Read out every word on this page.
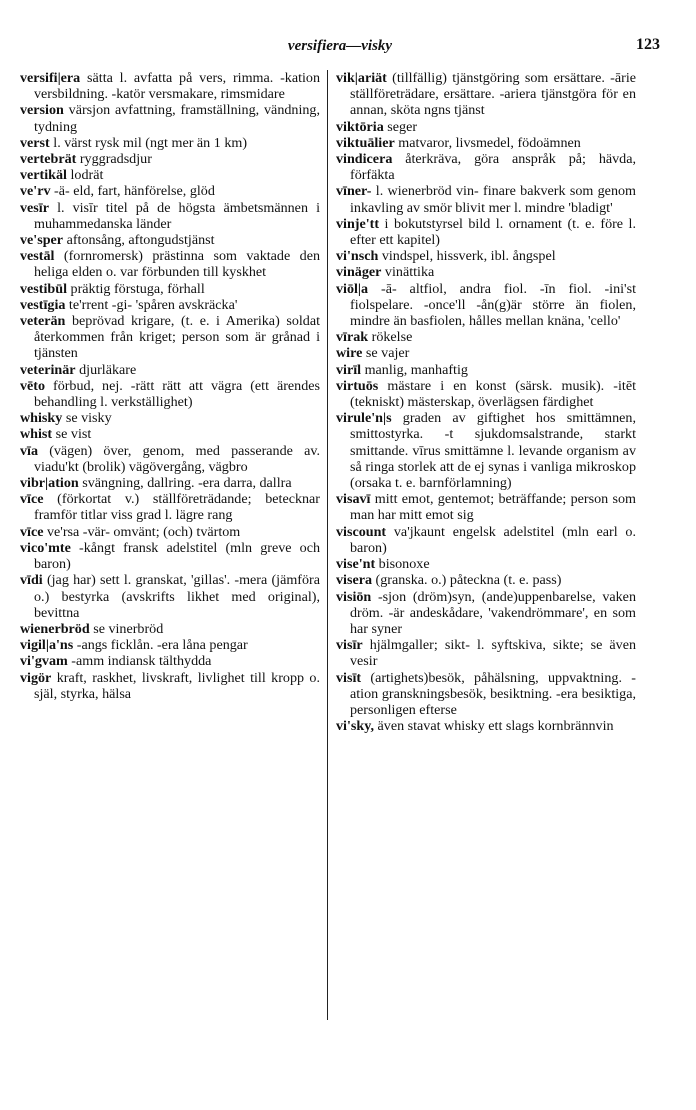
versifiera—visky	123

versifi|era sätta l. avfatta på vers, rimma. -kation versbildning. -katör versmakare, rimsmidare

version värsjon avfattning, framställning, vändning, tydning

verst l. värst rysk mil (ngt mer än 1 km)

vertebrät ryggradsdjur

vertikäl lodrät

ve'rv -ä- eld, fart, hänförelse, glöd

vesīr l. visīr titel på de högsta ämbetsmännen i muhammedanska länder

ve'sper aftonsång, aftongudstjänst

vestāl (fornromersk) prästinna som vaktade den heliga elden o. var förbunden till kyskhet

vestibūl präktig förstuga, förhall

vestīgia te'rrent -gi- 'spåren avskräcka'

veterän beprövad krigare, (t. e. i Amerika) soldat återkommen från kriget; person som är grånad i tjänsten

veterinär djurläkare

vēto förbud, nej. -rätt rätt att vägra (ett ärendes behandling l. verkställighet)

whisky se visky

whist se vist

vīa (vägen) över, genom, med passerande av. viadu'kt (brolik) vägövergång, vägbro

vibr|ation svängning, dallring. -era darra, dallra

vīce (förkortat v.) ställföreträdande; betecknar framför titlar viss grad l. lägre rang

vīce ve'rsa -vär- omvänt; (och) tvärtom

vico'mte -kångt fransk adelstitel (mln greve och baron)

vīdi (jag har) sett l. granskat, 'gillas'. -mera (jämföra o.) bestyrka (avskrifts likhet med original), bevittna

wienerbröd se vinerbröd

vigil|a'ns -angs ficklån. -era låna pengar

vi'gvam -amm indiansk tälthydda

vigör kraft, raskhet, livskraft, livlighet till kropp o. själ, styrka, hälsa

vik|ariät (tillfällig) tjänstgöring som ersättare. -ārie ställföreträdare, ersättare. -ariera tjänstgöra för en annan, sköta ngns tjänst

viktōria seger

viktuālier matvaror, livsmedel, födoämnen

vindicera återkräva, göra anspråk på; hävda, förfäkta

vīner- l. wienerbröd vin- finare bakverk som genom inkavling av smör blivit mer l. mindre 'bladigt'

vinje'tt i bokutstyrsel bild l. ornament (t. e. före l. efter ett kapitel)

vi'nsch vindspel, hissverk, ibl. ångspel

vinäger vinättika

viōl|a -ā- altfiol, andra fiol. -īn fiol. -ini'st fiolspelare. -once'll -ån(g)är större än fiolen, mindre än basfiolen, hålles mellan knäna, 'cello'

vīrak rökelse

wire se vajer

virīl manlig, manhaftig

virtuōs mästare i en konst (särsk. musik). -itēt (tekniskt) mästerskap, överlägsen färdighet

virule'n|s graden av giftighet hos smittämnen, smittostyrka. -t sjukdomsalstrande, starkt smittande. vīrus smittämne l. levande organism av så ringa storlek att de ej synas i vanliga mikroskop (orsaka t. e. barnförlamning)

visavī mitt emot, gentemot; beträffande; person som man har mitt emot sig

viscount va'jkaunt engelsk adelstitel (mln earl o. baron)

vise'nt bisonoxe

visera (granska. o.) påteckna (t. e. pass)

visiōn -sjon (dröm)syn, (ande)uppenbarelse, vaken dröm. -är andeskådare, 'vakendrömmare', en som har syner

visīr hjälmgaller; sikt- l. syftskiva, sikte; se även vesir

visīt (artighets)besök, påhälsning, uppvaktning. -ation granskningsbesök, besiktning. -era besiktiga, personligen efterse

vi'sky, även stavat whisky ett slags kornbrännvin
